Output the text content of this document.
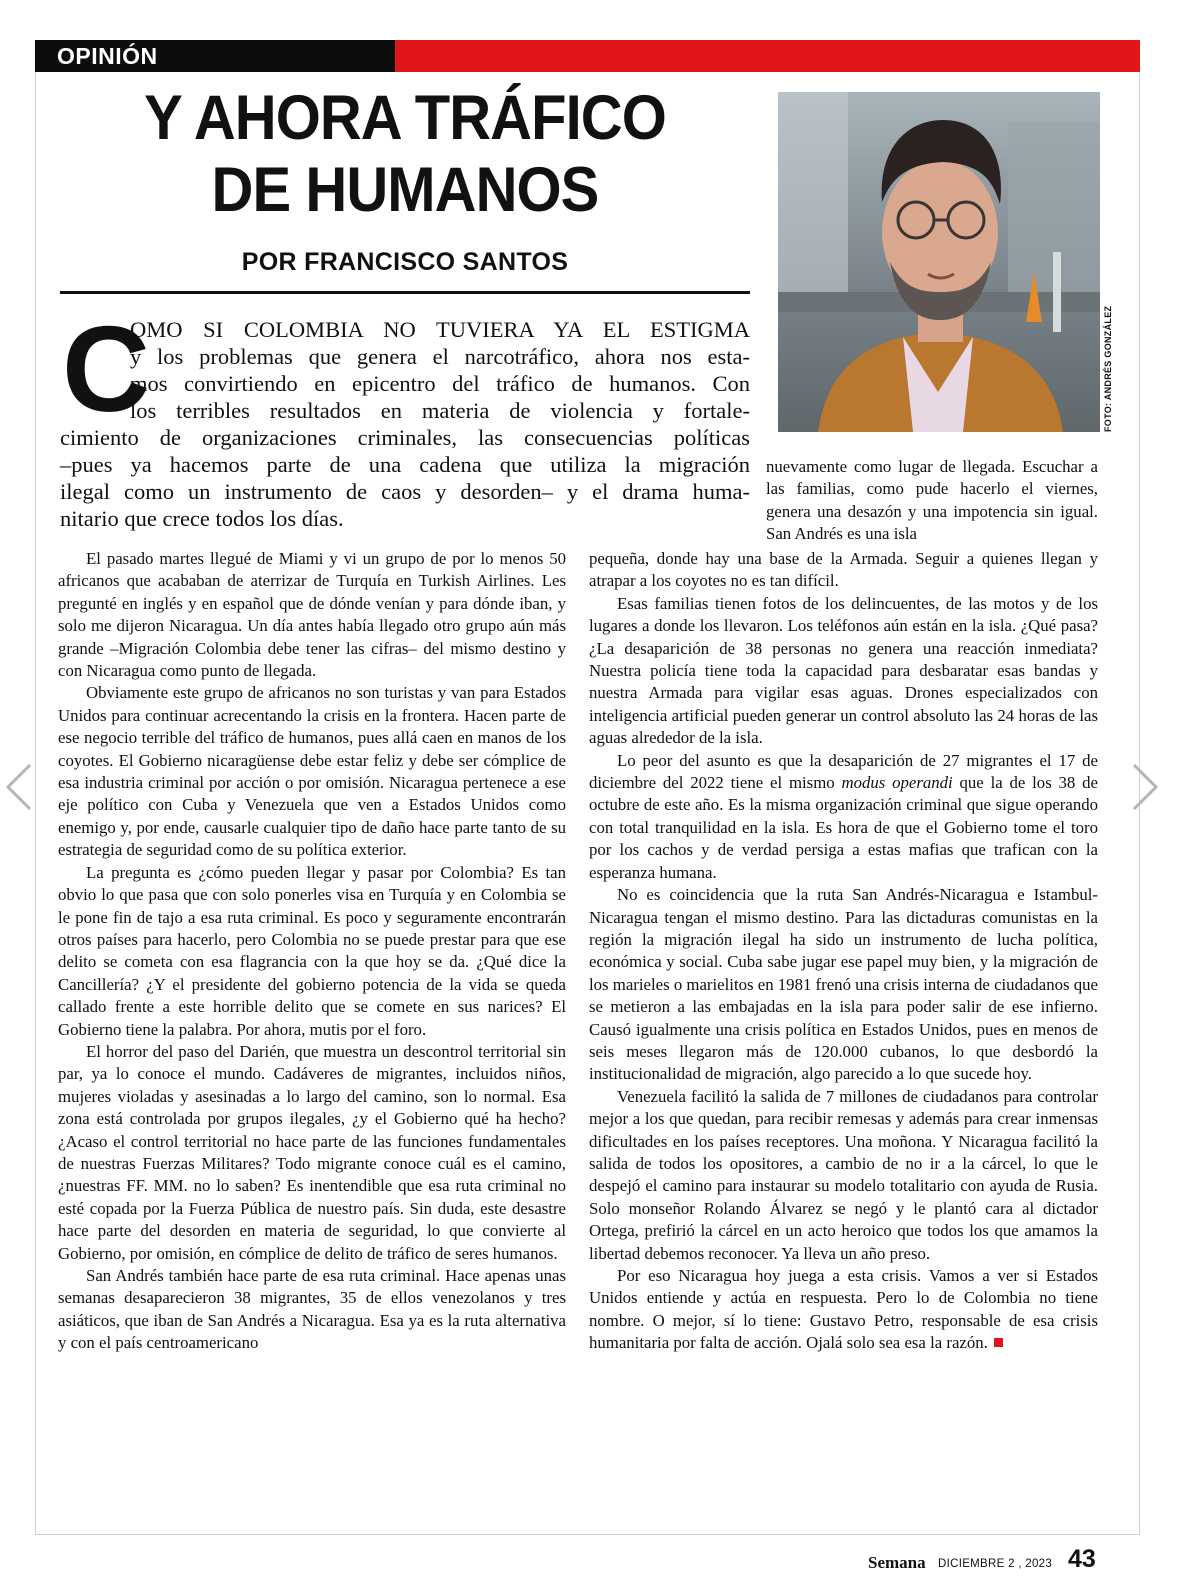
OPINIÓN
Y AHORA TRÁFICO
DE HUMANOS
POR FRANCISCO SANTOS
FOTO: ANDRÉS GONZÁLEZ
C
OMO SI COLOMBIA NO TUVIERA YA EL ESTIGMA
y los problemas que genera el narcotráfico, ahora nos esta-
mos convirtiendo en epicentro del tráfico de humanos. Con
los terribles resultados en materia de violencia y fortale-
cimiento de organizaciones criminales, las consecuencias políticas
–pues ya hacemos parte de una cadena que utiliza la migración
ilegal como un instrumento de caos y desorden– y el drama huma-
nitario que crece todos los días.

nuevamente como lugar de llegada. Escuchar a las familias, como pude hacerlo el viernes, genera una desazón y una impotencia sin igual. San Andrés es una isla

El pasado martes llegué de Miami y vi un grupo de por lo menos 50 africanos que acababan de aterrizar de Turquía en Turkish Airlines. Les pregunté en inglés y en español que de dónde venían y para dónde iban, y solo me dijeron Nicaragua. Un día antes había llegado otro grupo aún más grande –Migración Colombia debe tener las cifras– del mismo destino y con Nicaragua como punto de llegada.

Obviamente este grupo de africanos no son turistas y van para Estados Unidos para continuar acrecentando la crisis en la frontera. Hacen parte de ese negocio terrible del tráfico de humanos, pues allá caen en manos de los coyotes. El Gobierno nicaragüense debe estar feliz y debe ser cómplice de esa industria criminal por acción o por omisión. Nicaragua pertenece a ese eje político con Cuba y Venezuela que ven a Estados Unidos como enemigo y, por ende, causarle cualquier tipo de daño hace parte tanto de su estrategia de seguridad como de su política exterior.

La pregunta es ¿cómo pueden llegar y pasar por Colombia? Es tan obvio lo que pasa que con solo ponerles visa en Turquía y en Colombia se le pone fin de tajo a esa ruta criminal. Es poco y seguramente encontrarán otros países para hacerlo, pero Colombia no se puede prestar para que ese delito se cometa con esa flagrancia con la que hoy se da. ¿Qué dice la Cancillería? ¿Y el presidente del gobierno potencia de la vida se queda callado frente a este horrible delito que se comete en sus narices? El Gobierno tiene la palabra. Por ahora, mutis por el foro.

El horror del paso del Darién, que muestra un descontrol territorial sin par, ya lo conoce el mundo. Cadáveres de migrantes, incluidos niños, mujeres violadas y asesinadas a lo largo del camino, son lo normal. Esa zona está controlada por grupos ilegales, ¿y el Gobierno qué ha hecho? ¿Acaso el control territorial no hace parte de las funciones fundamentales de nuestras Fuerzas Militares? Todo migrante conoce cuál es el camino, ¿nuestras FF. MM. no lo saben? Es inentendible que esa ruta criminal no esté copada por la Fuerza Pública de nuestro país. Sin duda, este desastre hace parte del desorden en materia de seguridad, lo que convierte al Gobierno, por omisión, en cómplice de delito de tráfico de seres humanos.

San Andrés también hace parte de esa ruta criminal. Hace apenas unas semanas desaparecieron 38 migrantes, 35 de ellos venezolanos y tres asiáticos, que iban de San Andrés a Nicaragua. Esa ya es la ruta alternativa y con el país centroamericano

pequeña, donde hay una base de la Armada. Seguir a quienes llegan y atrapar a los coyotes no es tan difícil.

Esas familias tienen fotos de los delincuentes, de las motos y de los lugares a donde los llevaron. Los teléfonos aún están en la isla. ¿Qué pasa? ¿La desaparición de 38 personas no genera una reacción inmediata? Nuestra policía tiene toda la capacidad para desbaratar esas bandas y nuestra Armada para vigilar esas aguas. Drones especializados con inteligencia artificial pueden generar un control absoluto las 24 horas de las aguas alrededor de la isla.

Lo peor del asunto es que la desaparición de 27 migrantes el 17 de diciembre del 2022 tiene el mismo modus operandi que la de los 38 de octubre de este año. Es la misma organización criminal que sigue operando con total tranquilidad en la isla. Es hora de que el Gobierno tome el toro por los cachos y de verdad persiga a estas mafias que trafican con la esperanza humana.

No es coincidencia que la ruta San Andrés-Nicaragua e Istambul-Nicaragua tengan el mismo destino. Para las dictaduras comunistas en la región la migración ilegal ha sido un instrumento de lucha política, económica y social. Cuba sabe jugar ese papel muy bien, y la migración de los marieles o marielitos en 1981 frenó una crisis interna de ciudadanos que se metieron a las embajadas en la isla para poder salir de ese infierno. Causó igualmente una crisis política en Estados Unidos, pues en menos de seis meses llegaron más de 120.000 cubanos, lo que desbordó la institucionalidad de migración, algo parecido a lo que sucede hoy.

Venezuela facilitó la salida de 7 millones de ciudadanos para controlar mejor a los que quedan, para recibir remesas y además para crear inmensas dificultades en los países receptores. Una moñona. Y Nicaragua facilitó la salida de todos los opositores, a cambio de no ir a la cárcel, lo que le despejó el camino para instaurar su modelo totalitario con ayuda de Rusia. Solo monseñor Rolando Álvarez se negó y le plantó cara al dictador Ortega, prefirió la cárcel en un acto heroico que todos los que amamos la libertad debemos reconocer. Ya lleva un año preso.

Por eso Nicaragua hoy juega a esta crisis. Vamos a ver si Estados Unidos entiende y actúa en respuesta. Pero lo de Colombia no tiene nombre. O mejor, sí lo tiene: Gustavo Petro, responsable de esa crisis humanitaria por falta de acción. Ojalá solo sea esa la razón.

Semana DICIEMBRE 2 , 2023 43
